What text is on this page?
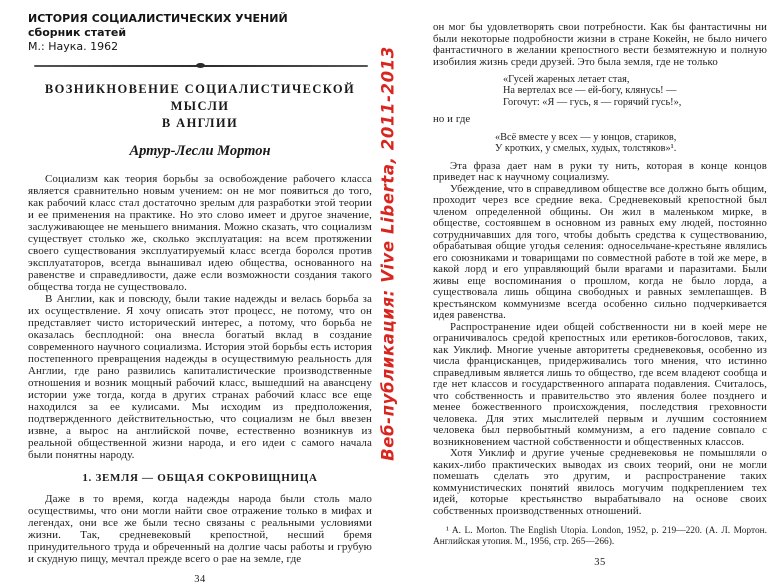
ИСТОРИЯ СОЦИАЛИСТИЧЕСКИХ УЧЕНИЙ
сборник статей
М.: Наука. 1962
ВОЗНИКНОВЕНИЕ СОЦИАЛИСТИЧЕСКОЙ МЫСЛИ
В АНГЛИИ
Артур-Лесли Мортон

Социализм как теория борьбы за освобождение рабочего класса является сравнительно новым учением: он не мог появиться до того, как рабочий класс стал достаточно зрелым для разработки этой теории и ее применения на практике. Но это слово имеет и другое значение, заслуживающее не меньшего внимания. Можно сказать, что социализм существует столько же, сколько эксплуатация: на всем протяжении своего существования эксплуатируемый класс всегда боролся против эксплуататоров, всегда вынашивал идею общества, основанного на равенстве и справедливости, даже если возможности создания такого общества тогда не существовало.

В Англии, как и повсюду, были такие надежды и велась борьба за их осуществление. Я хочу описать этот процесс, не потому, что он представляет чисто исторический интерес, а потому, что борьба не оказалась бесплодной: она внесла богатый вклад в создание современного научного социализма. История этой борьбы есть история постепенного превращения надежды в осуществимую реальность для Англии, где рано развились капиталистические производственные отношения и возник мощный рабочий класс, вышедший на авансцену истории уже тогда, когда в других странах рабочий класс все еще находился за ее кулисами. Мы исходим из предположения, подтвержденного действительностью, что социализм не был ввезен извне, а вырос на английской почве, естественно возникнув из реальной общественной жизни народа, и его идеи с самого начала были понятны народу.

1. ЗЕМЛЯ — ОБЩАЯ СОКРОВИЩНИЦА

Даже в то время, когда надежды народа были столь мало осуществимы, что они могли найти свое отражение только в мифах и легендах, они все же были тесно связаны с реальными условиями жизни. Так, средневековый крепостной, несший бремя принудительного труда и обреченный на долгие часы работы и грубую и скудную пищу, мечтал прежде всего о рае на земле, где

34

он мог бы удовлетворять свои потребности. Как бы фантастичны ни были некоторые подробности жизни в стране Кокейн, не было ничего фантастичного в желании крепостного вести безмятежную и полную изобилия жизнь среди друзей. Это была земля, где не только

«Гусей жареных летает стая,
На вертелах все — ей-богу, клянусь! —
Гогочут: «Я — гусь, я — горячий гусь!»,

но и где

«Всё вместе у всех — у юнцов, стариков,
У кротких, у смелых, худых, толстяков»¹.

Эта фраза дает нам в руки ту нить, которая в конце концов приведет нас к научному социализму.

Убеждение, что в справедливом обществе все должно быть общим, проходит через все средние века. Средневековый крепостной был членом определенной общины. Он жил в маленьком мирке, в обществе, состоявшем в основном из равных ему людей, постоянно сотрудничавших для того, чтобы добыть средства к существованию, обрабатывая общие угодья селения: односельчане-крестьяне являлись его союзниками и товарищами по совместной работе в той же мере, в какой лорд и его управляющий были врагами и паразитами. Были живы еще воспоминания о прошлом, когда не было лорда, а существовала лишь община свободных и равных землепашцев. В крестьянском коммунизме всегда особенно сильно подчеркивается идея равенства.

Распространение идеи общей собственности ни в коей мере не ограничивалось средой крепостных или еретиков-богословов, таких, как Уиклиф. Многие ученые авторитеты средневековья, особенно из числа францисканцев, придерживались того мнения, что истинно справедливым является лишь то общество, где всем владеют сообща и где нет классов и государственного аппарата подавления. Считалось, что собственность и правительство это явления более позднего и менее божественного происхождения, последствия греховности человека. Для этих мыслителей первым и лучшим состоянием человека был первобытный коммунизм, а его падение совпало с возникновением частной собственности и общественных классов.

Хотя Уиклиф и другие ученые средневековья не помышляли о каких-либо практических выводах из своих теорий, они не могли помешать сделать это другим, и распространение таких коммунистических понятий явилось могучим подкреплением тех идей, которые крестьянство вырабатывало на основе своих собственных производственных отношений.

¹ A. L. Morton. The English Utopia. London, 1952, p. 219—220. (А. Л. Мортон. Английская утопия. М., 1956, стр. 265—266).
35
Веб-публикация: Vive Liberta, 2011-2013
